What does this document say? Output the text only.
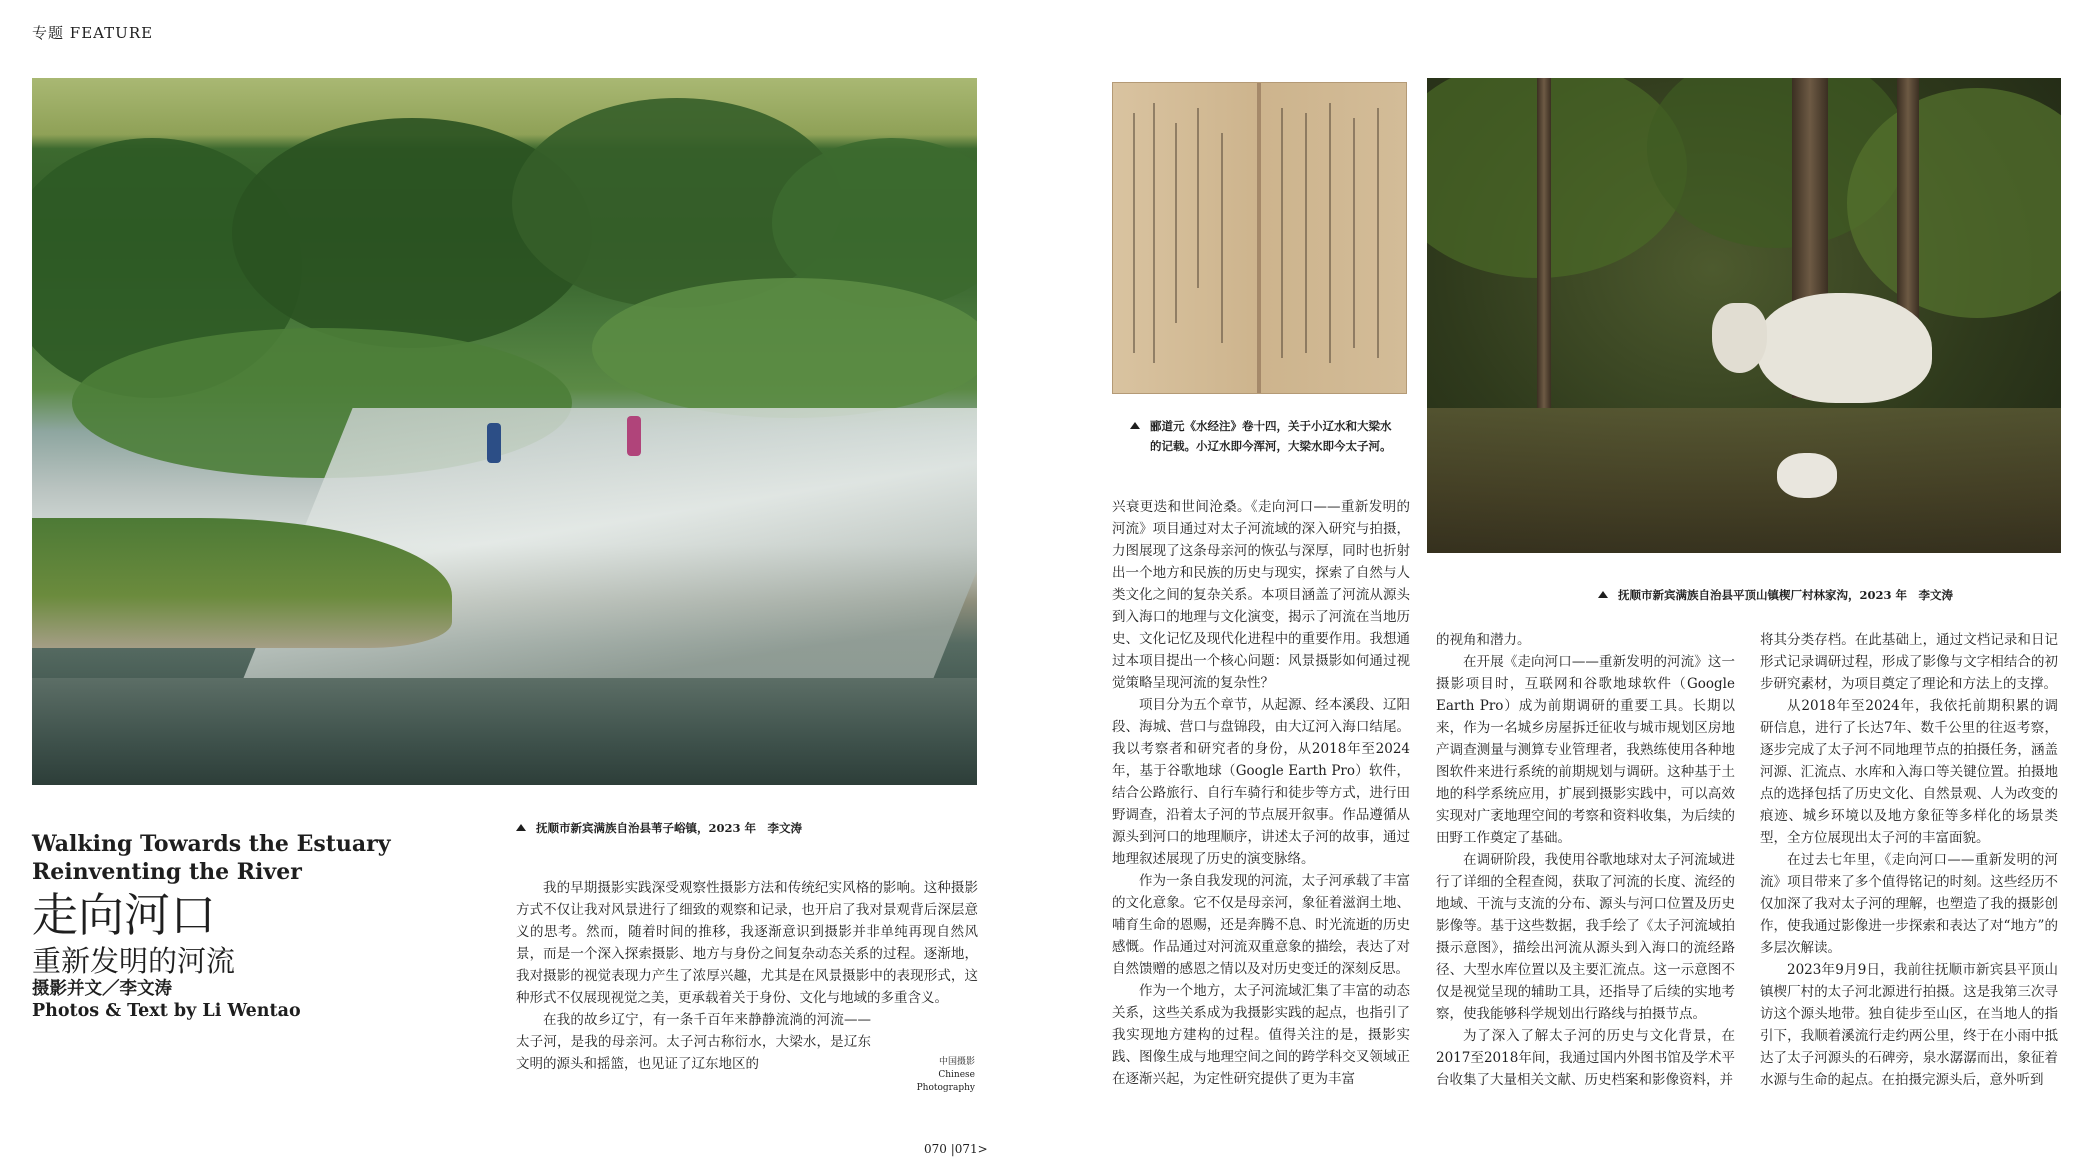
专题 FEATURE
抚顺市新宾满族自治县苇子峪镇，2023 年　李文涛
郦道元《水经注》卷十四，关于小辽水和大梁水
的记载。小辽水即今浑河，大梁水即今太子河。
抚顺市新宾满族自治县平顶山镇楔厂村林家沟，2023 年　李文涛
Walking Towards the Estuary
Reinventing the River
走向河口
重新发明的河流
摄影并文／李文涛
Photos & Text by Li Wentao

我的早期摄影实践深受观察性摄影方法和传统纪实风格的影响。这种摄影方式不仅让我对风景进行了细致的观察和记录，也开启了我对景观背后深层意义的思考。然而，随着时间的推移，我逐渐意识到摄影并非单纯再现自然风景，而是一个深入探索摄影、地方与身份之间复杂动态关系的过程。逐渐地，我对摄影的视觉表现力产生了浓厚兴趣，尤其是在风景摄影中的表现形式，这种形式不仅展现视觉之美，更承载着关于身份、文化与地域的多重含义。

在我的故乡辽宁，有一条千百年来静静流淌的河流——太子河，是我的母亲河。太子河古称衍水，大梁水，是辽东文明的源头和摇篮，也见证了辽东地区的	中国摄影
Chinese
Photography

兴衰更迭和世间沧桑。《走向河口——重新发明的河流》项目通过对太子河流域的深入研究与拍摄，力图展现了这条母亲河的恢弘与深厚，同时也折射出一个地方和民族的历史与现实，探索了自然与人类文化之间的复杂关系。本项目涵盖了河流从源头到入海口的地理与文化演变，揭示了河流在当地历史、文化记忆及现代化进程中的重要作用。我想通过本项目提出一个核心问题：风景摄影如何通过视觉策略呈现河流的复杂性？

项目分为五个章节，从起源、经本溪段、辽阳段、海城、营口与盘锦段，由大辽河入海口结尾。我以考察者和研究者的身份，从2018年至2024年，基于谷歌地球（Google Earth Pro）软件，结合公路旅行、自行车骑行和徒步等方式，进行田野调查，沿着太子河的节点展开叙事。作品遵循从源头到河口的地理顺序，讲述太子河的故事，通过地理叙述展现了历史的演变脉络。

作为一条自我发现的河流，太子河承载了丰富的文化意象。它不仅是母亲河，象征着滋润土地、哺育生命的恩赐，还是奔腾不息、时光流逝的历史感慨。作品通过对河流双重意象的描绘，表达了对自然馈赠的感恩之情以及对历史变迁的深刻反思。

作为一个地方，太子河流域汇集了丰富的动态关系，这些关系成为我摄影实践的起点，也指引了我实现地方建构的过程。值得关注的是，摄影实践、图像生成与地理空间之间的跨学科交叉领域正在逐渐兴起，为定性研究提供了更为丰富

的视角和潜力。

在开展《走向河口——重新发明的河流》这一摄影项目时，互联网和谷歌地球软件（Google Earth Pro）成为前期调研的重要工具。长期以来，作为一名城乡房屋拆迁征收与城市规划区房地产调查测量与测算专业管理者，我熟练使用各种地图软件来进行系统的前期规划与调研。这种基于土地的科学系统应用，扩展到摄影实践中，可以高效实现对广袤地理空间的考察和资料收集，为后续的田野工作奠定了基础。

在调研阶段，我使用谷歌地球对太子河流域进行了详细的全程查阅，获取了河流的长度、流经的地域、干流与支流的分布、源头与河口位置及历史影像等。基于这些数据，我手绘了《太子河流域拍摄示意图》，描绘出河流从源头到入海口的流经路径、大型水库位置以及主要汇流点。这一示意图不仅是视觉呈现的辅助工具，还指导了后续的实地考察，使我能够科学规划出行路线与拍摄节点。

为了深入了解太子河的历史与文化背景，在2017至2018年间，我通过国内外图书馆及学术平台收集了大量相关文献、历史档案和影像资料，并

将其分类存档。在此基础上，通过文档记录和日记形式记录调研过程，形成了影像与文字相结合的初步研究素材，为项目奠定了理论和方法上的支撑。

从2018年至2024年，我依托前期积累的调研信息，进行了长达7年、数千公里的往返考察，逐步完成了太子河不同地理节点的拍摄任务，涵盖河源、汇流点、水库和入海口等关键位置。拍摄地点的选择包括了历史文化、自然景观、人为改变的痕迹、城乡环境以及地方象征等多样化的场景类型，全方位展现出太子河的丰富面貌。

在过去七年里，《走向河口——重新发明的河流》项目带来了多个值得铭记的时刻。这些经历不仅加深了我对太子河的理解，也塑造了我的摄影创作，使我通过影像进一步探索和表达了对“地方”的多层次解读。

2023年9月9日，我前往抚顺市新宾县平顶山镇楔厂村的太子河北源进行拍摄。这是我第三次寻访这个源头地带。独自徒步至山区，在当地人的指引下，我顺着溪流行走约两公里，终于在小雨中抵达了太子河源头的石碑旁，泉水潺潺而出，象征着水源与生命的起点。在拍摄完源头后，意外听到

070 |071>
